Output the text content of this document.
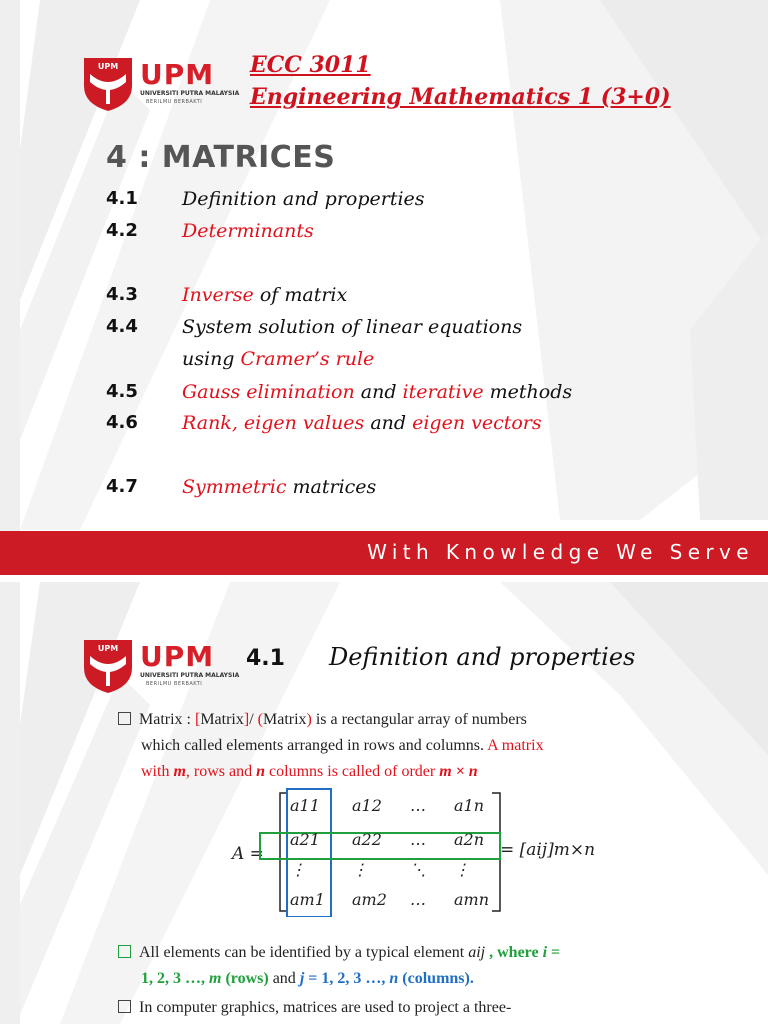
UPM UPM
UNIVERSITI PUTRA MALAYSIA
BERILMU BERBAKTI
ECC 3011
Engineering Mathematics 1 (3+0)
4 : MATRICES
4.1 Definition and properties
4.2 Determinants
4.3 Inverse of matrix
4.4 System solution of linear equations
using Cramer’s rule
4.5 Gauss elimination and iterative methods
4.6 Rank, eigen values and eigen vectors
4.7 Symmetric matrices
With Knowledge We Serve
UPM UPM
UNIVERSITI PUTRA MALAYSIA
BERILMU BERBAKTI
4.1 Definition and properties
Matrix : [Matrix]/ (Matrix) is a rectangular array of numbers
which called elements arranged in rows and columns. A matrix
with m, rows and n columns is called of order m × n
A =
a11 a12 … a1n
a21 a22 … a2n
⋮	⋮	⋱ ⋮
am1 am2 … amn
= [aij]m×n
All elements can be identified by a typical element aij , where i =
1, 2, 3 …, m (rows) and j = 1, 2, 3 …, n (columns).
In computer graphics, matrices are used to project a three-
